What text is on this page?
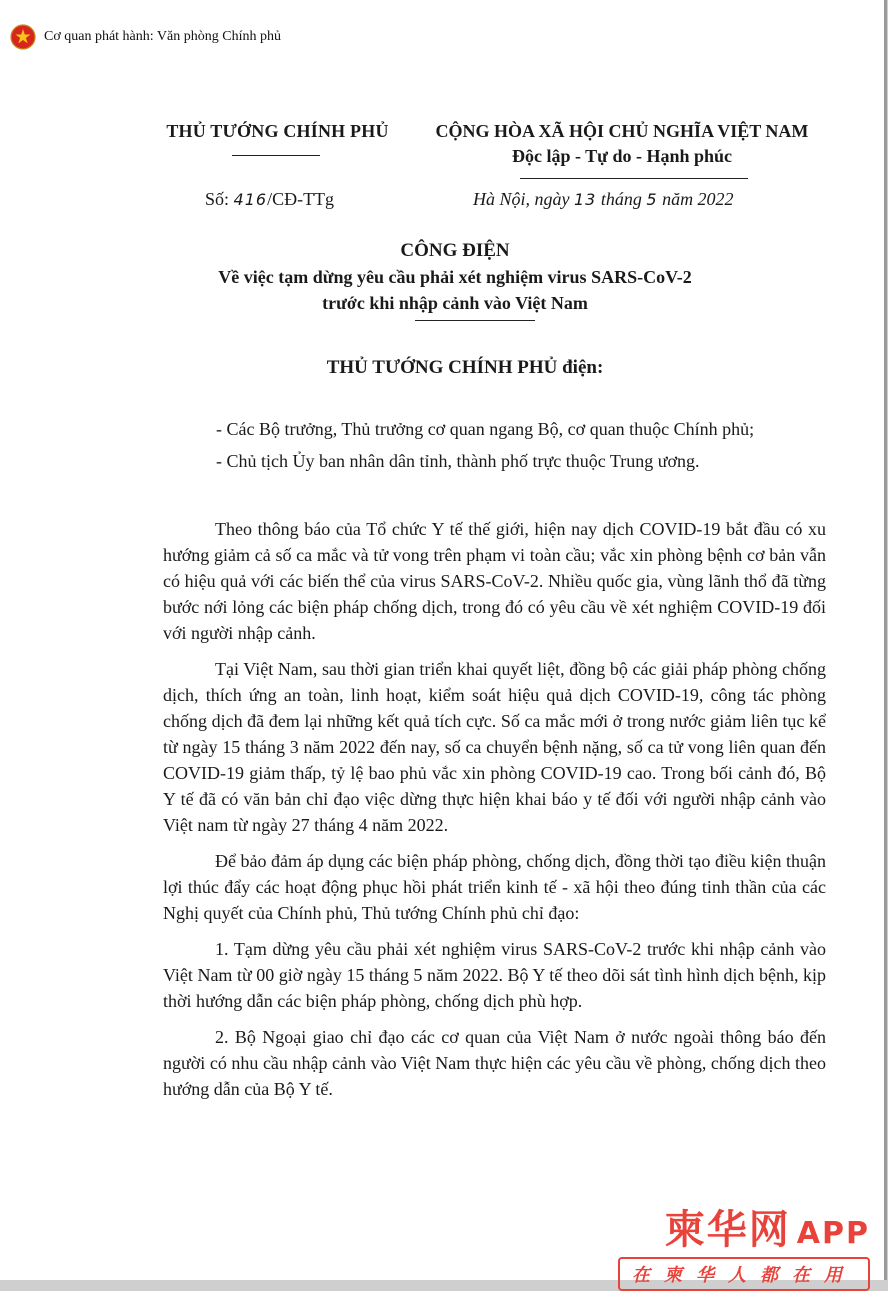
Cơ quan phát hành: Văn phòng Chính phủ
THỦ TƯỚNG CHÍNH PHỦ	CỘNG HÒA XÃ HỘI CHỦ NGHĨA VIỆT NAM
Độc lập - Tự do - Hạnh phúc
Số: 416/CĐ-TTg	Hà Nội, ngày 13 tháng 5 năm 2022
CÔNG ĐIỆN
Về việc tạm dừng yêu cầu phải xét nghiệm virus SARS-CoV-2
trước khi nhập cảnh vào Việt Nam
THỦ TƯỚNG CHÍNH PHỦ điện:
- Các Bộ trưởng, Thủ trưởng cơ quan ngang Bộ, cơ quan thuộc Chính phủ;
- Chủ tịch Ủy ban nhân dân tỉnh, thành phố trực thuộc Trung ương.

Theo thông báo của Tổ chức Y tế thế giới, hiện nay dịch COVID-19 bắt đầu có xu hướng giảm cả số ca mắc và tử vong trên phạm vi toàn cầu; vắc xin phòng bệnh cơ bản vẫn có hiệu quả với các biến thể của virus SARS-CoV-2. Nhiều quốc gia, vùng lãnh thổ đã từng bước nới lỏng các biện pháp chống dịch, trong đó có yêu cầu về xét nghiệm COVID-19 đối với người nhập cảnh.

Tại Việt Nam, sau thời gian triển khai quyết liệt, đồng bộ các giải pháp phòng chống dịch, thích ứng an toàn, linh hoạt, kiểm soát hiệu quả dịch COVID-19, công tác phòng chống dịch đã đem lại những kết quả tích cực. Số ca mắc mới ở trong nước giảm liên tục kể từ ngày 15 tháng 3 năm 2022 đến nay, số ca chuyển bệnh nặng, số ca tử vong liên quan đến COVID-19 giảm thấp, tỷ lệ bao phủ vắc xin phòng COVID-19 cao. Trong bối cảnh đó, Bộ Y tế đã có văn bản chỉ đạo việc dừng thực hiện khai báo y tế đối với người nhập cảnh vào Việt nam từ ngày 27 tháng 4 năm 2022.

Để bảo đảm áp dụng các biện pháp phòng, chống dịch, đồng thời tạo điều kiện thuận lợi thúc đẩy các hoạt động phục hồi phát triển kinh tế - xã hội theo đúng tinh thần của các Nghị quyết của Chính phủ, Thủ tướng Chính phủ chỉ đạo:

1. Tạm dừng yêu cầu phải xét nghiệm virus SARS-CoV-2 trước khi nhập cảnh vào Việt Nam từ 00 giờ ngày 15 tháng 5 năm 2022. Bộ Y tế theo dõi sát tình hình dịch bệnh, kịp thời hướng dẫn các biện pháp phòng, chống dịch phù hợp.

2. Bộ Ngoại giao chỉ đạo các cơ quan của Việt Nam ở nước ngoài thông báo đến người có nhu cầu nhập cảnh vào Việt Nam thực hiện các yêu cầu về phòng, chống dịch theo hướng dẫn của Bộ Y tế.

柬华网 APP
在柬华人都在用
